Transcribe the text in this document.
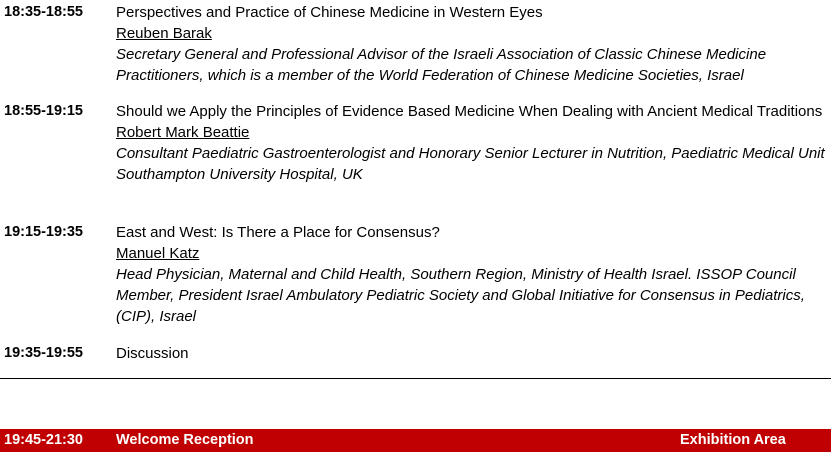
18:35-18:55 Perspectives and Practice of Chinese Medicine in Western Eyes
Reuben Barak
Secretary General and Professional Advisor of the Israeli Association of Classic Chinese Medicine Practitioners, which is a member of the World Federation of Chinese Medicine Societies, Israel
18:55-19:15 Should we Apply the Principles of Evidence Based Medicine When Dealing with Ancient Medical Traditions
Robert Mark Beattie
Consultant Paediatric Gastroenterologist and Honorary Senior Lecturer in Nutrition, Paediatric Medical Unit Southampton University Hospital, UK
19:15-19:35 East and West: Is There a Place for Consensus?
Manuel Katz
Head Physician, Maternal and Child Health, Southern Region, Ministry of Health Israel. ISSOP Council Member, President Israel Ambulatory Pediatric Society and Global Initiative for Consensus in Pediatrics, (CIP), Israel
19:35-19:55 Discussion
19:45-21:30 Welcome Reception	Exhibition Area
